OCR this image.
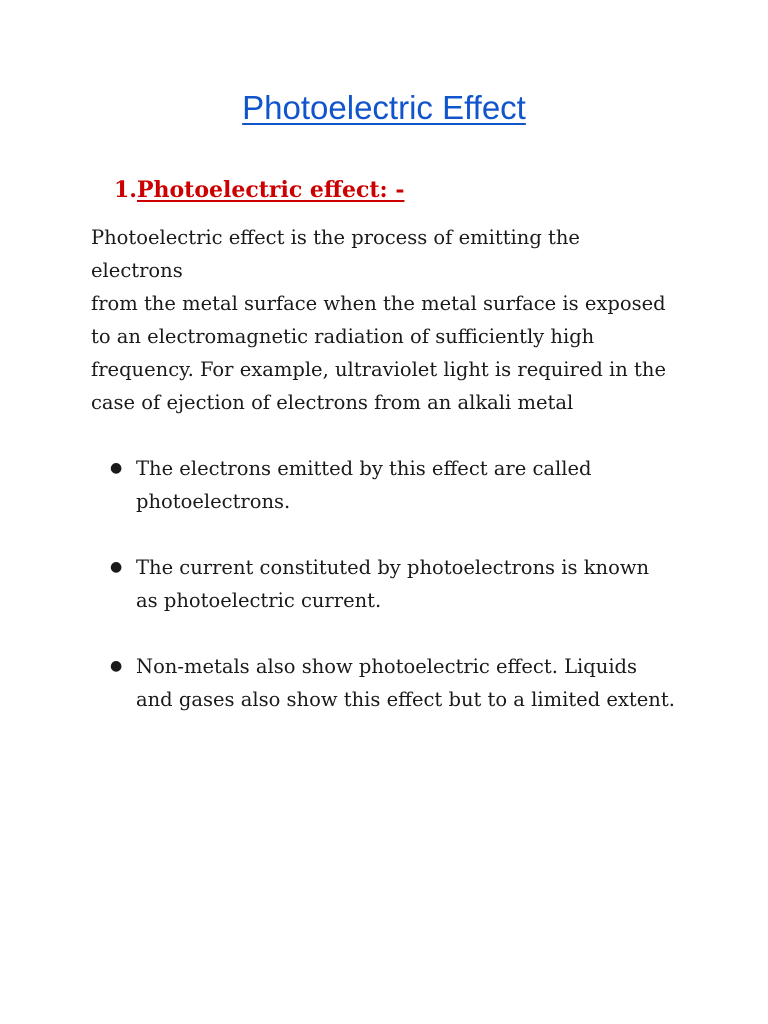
Photoelectric Effect
1.Photoelectric effect: -

Photoelectric effect is the process of emitting the
electrons
from the metal surface when the metal surface is exposed
to an electromagnetic radiation of sufficiently high
frequency. For example, ultraviolet light is required in the
case of ejection of electrons from an alkali metal

● The electrons emitted by this effect are called
photoelectrons.
● The current constituted by photoelectrons is known
as photoelectric current.
● Non-metals also show photoelectric effect. Liquids
and gases also show this effect but to a limited extent.
